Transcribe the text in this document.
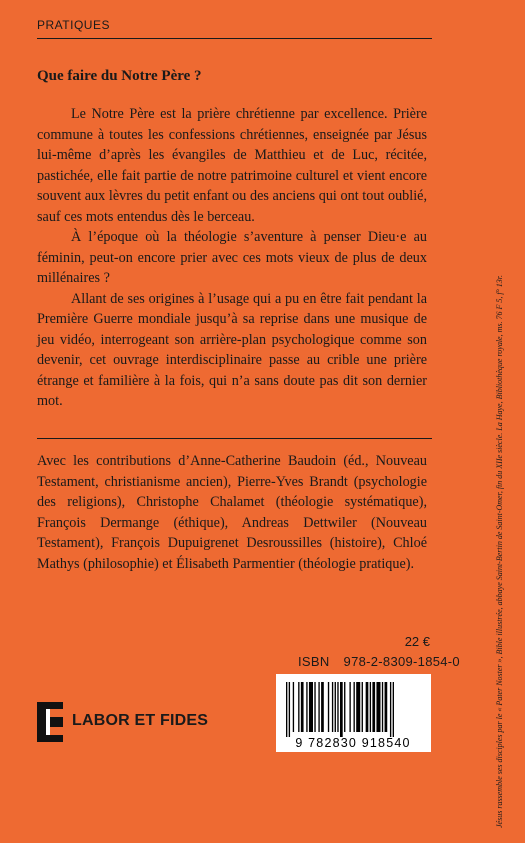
PRATIQUES
Que faire du Notre Père ?

Le Notre Père est la prière chrétienne par excellence. Prière commune à toutes les confessions chrétiennes, enseignée par Jésus lui-même d’après les évangiles de Matthieu et de Luc, récitée, pastichée, elle fait partie de notre patrimoine culturel et vient encore souvent aux lèvres du petit enfant ou des anciens qui ont tout oublié, sauf ces mots entendus dès le berceau.

À l’époque où la théologie s’aventure à penser Dieu·e au féminin, peut-on encore prier avec ces mots vieux de plus de deux millénaires ?

Allant de ses origines à l’usage qui a pu en être fait pendant la Première Guerre mondiale jusqu’à sa reprise dans une musique de jeu vidéo, interrogeant son arrière-plan psychologique comme son devenir, cet ouvrage interdisciplinaire passe au crible une prière étrange et familière à la fois, qui n’a sans doute pas dit son dernier mot.

Avec les contributions d’Anne-Catherine Baudoin (éd., Nouveau Testament, christianisme ancien), Pierre-Yves Brandt (psychologie des religions), Christophe Chalamet (théologie systématique), François Dermange (éthique), Andreas Dettwiler (Nouveau Testament), François Dupuigrenet Desroussilles (histoire), Chloé Mathys (philosophie) et Élisabeth Parmentier (théologie pratique).
22 €
ISBN 978-2-8309-1854-0
9 782830 918540
LABOR ET FIDES	Jésus rassemble ses disciples par le « Pater Noster », Bible illustrée, abbaye Saint-Bertin de Saint-Omer, fin du XIIe siècle. La Haye, Bibliothèque royale, ms. 76 F 5, f° 13r.
